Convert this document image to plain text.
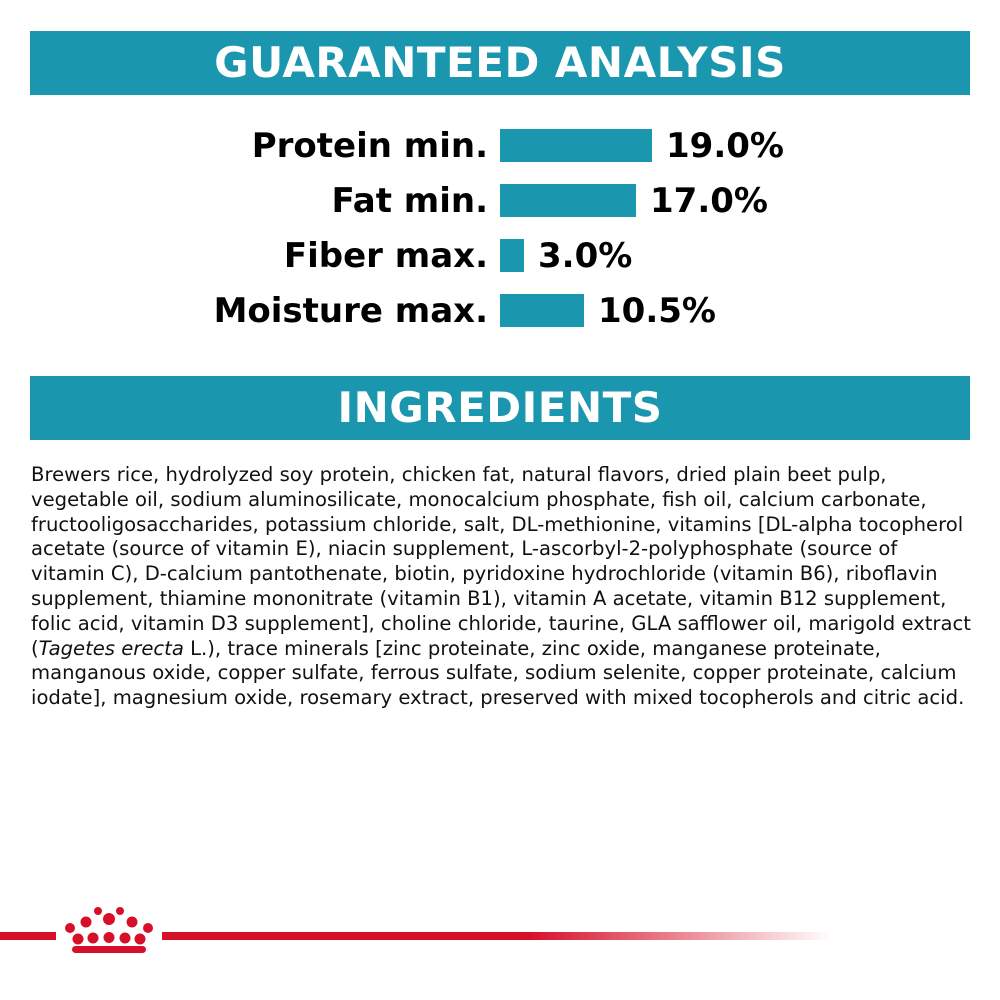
GUARANTEED ANALYSIS
Protein min.	19.0%
Fat min.	17.0%
Fiber max. 3.0%
Moisture max.	10.5%
INGREDIENTS
Brewers rice, hydrolyzed soy protein, chicken fat, natural flavors, dried plain beet pulp, vegetable oil, sodium aluminosilicate, monocalcium phosphate, fish oil, calcium carbonate, fructooligosaccharides, potassium chloride, salt, DL-methionine, vitamins [DL-alpha tocopherol acetate (source of vitamin E), niacin supplement, L-ascorbyl-2-polyphosphate (source of vitamin C), D-calcium pantothenate, biotin, pyridoxine hydrochloride (vitamin B6), riboflavin supplement, thiamine mononitrate (vitamin B1), vitamin A acetate, vitamin B12 supplement, folic acid, vitamin D3 supplement], choline chloride, taurine, GLA safflower oil, marigold extract (Tagetes erecta L.), trace minerals [zinc proteinate, zinc oxide, manganese proteinate, manganous oxide, copper sulfate, ferrous sulfate, sodium selenite, copper proteinate, calcium iodate], magnesium oxide, rosemary extract, preserved with mixed tocopherols and citric acid.
